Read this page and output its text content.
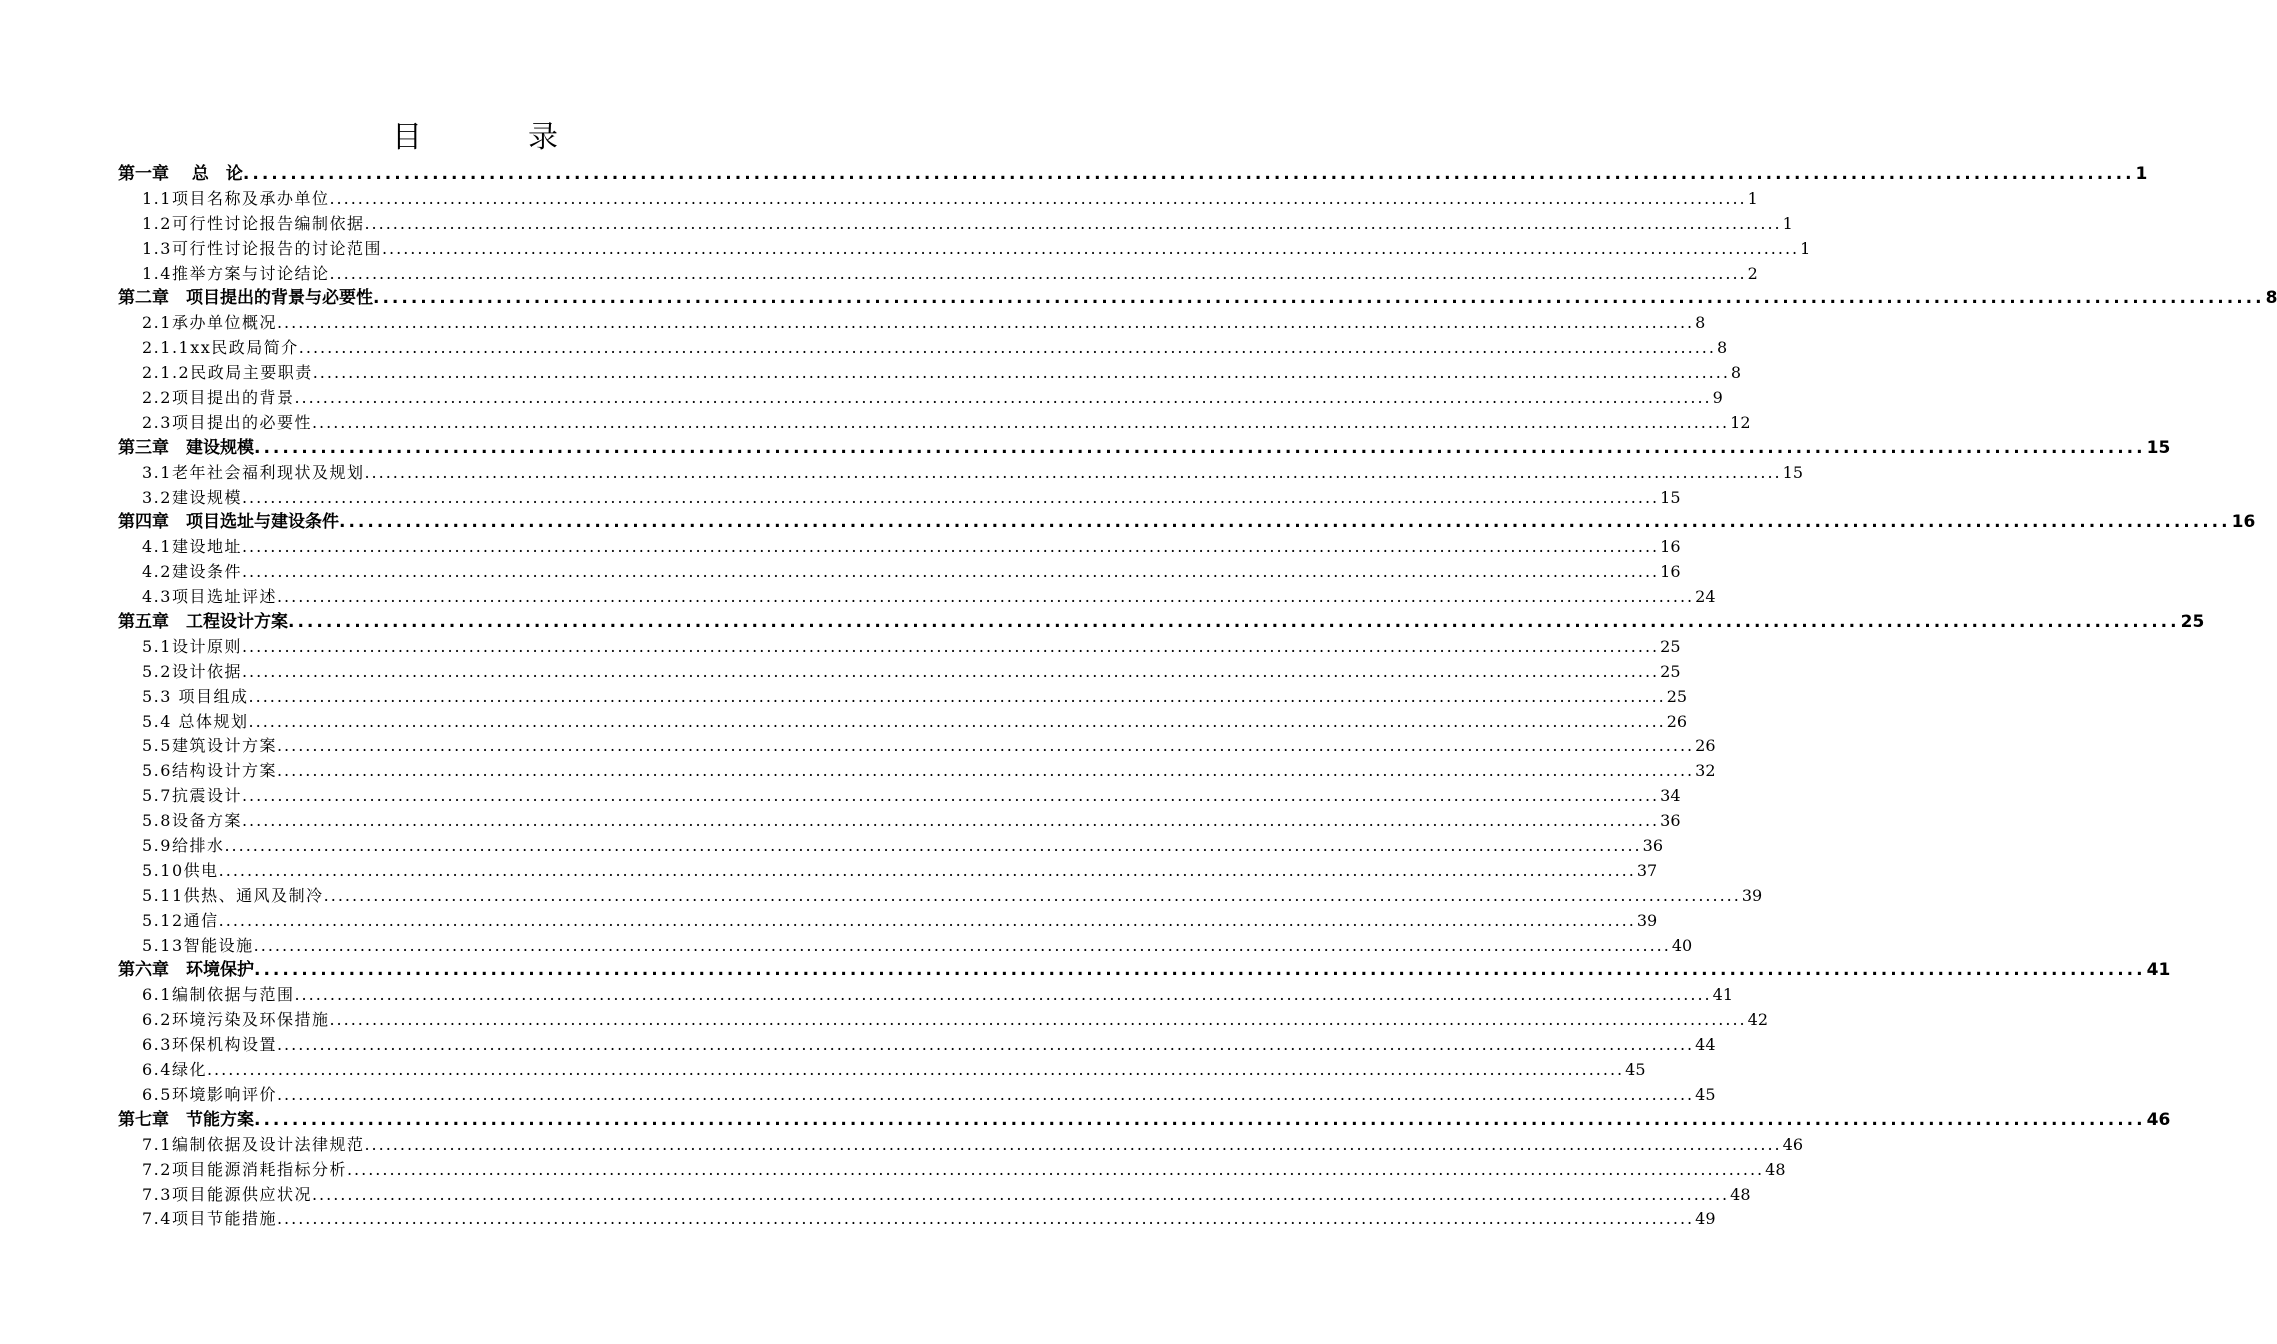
目　录
第一章　 总　论 ........................................................................................................................................................................................................ 1
1.1项目名称及承办单位 ........................................................................................................................................................................................................ 1
1.2可行性讨论报告编制依据 ........................................................................................................................................................................................................ 1
1.3可行性讨论报告的讨论范围 ........................................................................................................................................................................................................ 1
1.4推举方案与讨论结论 ........................................................................................................................................................................................................ 2
第二章　项目提出的背景与必要性 ........................................................................................................................................................................................................ 8
2.1承办单位概况 ........................................................................................................................................................................................................ 8
2.1.1xx民政局简介 ........................................................................................................................................................................................................ 8
2.1.2民政局主要职责 ........................................................................................................................................................................................................ 8
2.2项目提出的背景 ........................................................................................................................................................................................................ 9
2.3项目提出的必要性 ........................................................................................................................................................................................................ 12
第三章　建设规模 ........................................................................................................................................................................................................ 15
3.1老年社会福利现状及规划 ........................................................................................................................................................................................................ 15
3.2建设规模 ........................................................................................................................................................................................................ 15
第四章　项目选址与建设条件 ........................................................................................................................................................................................................ 16
4.1建设地址 ........................................................................................................................................................................................................ 16
4.2建设条件 ........................................................................................................................................................................................................ 16
4.3项目选址评述 ........................................................................................................................................................................................................ 24
第五章　工程设计方案 ........................................................................................................................................................................................................ 25
5.1设计原则 ........................................................................................................................................................................................................ 25
5.2设计依据 ........................................................................................................................................................................................................ 25
5.3 项目组成 ........................................................................................................................................................................................................ 25
5.4 总体规划 ........................................................................................................................................................................................................ 26
5.5建筑设计方案 ........................................................................................................................................................................................................ 26
5.6结构设计方案 ........................................................................................................................................................................................................ 32
5.7抗震设计 ........................................................................................................................................................................................................ 34
5.8设备方案 ........................................................................................................................................................................................................ 36
5.9给排水 ........................................................................................................................................................................................................ 36
5.10供电 ........................................................................................................................................................................................................ 37
5.11供热、通风及制冷 ........................................................................................................................................................................................................ 39
5.12通信 ........................................................................................................................................................................................................ 39
5.13智能设施 ........................................................................................................................................................................................................ 40
第六章　环境保护 ........................................................................................................................................................................................................ 41
6.1编制依据与范围 ........................................................................................................................................................................................................ 41
6.2环境污染及环保措施 ........................................................................................................................................................................................................ 42
6.3环保机构设置 ........................................................................................................................................................................................................ 44
6.4绿化 ........................................................................................................................................................................................................ 45
6.5环境影响评价 ........................................................................................................................................................................................................ 45
第七章　节能方案 ........................................................................................................................................................................................................ 46
7.1编制依据及设计法律规范 ........................................................................................................................................................................................................ 46
7.2项目能源消耗指标分析 ........................................................................................................................................................................................................ 48
7.3项目能源供应状况 ........................................................................................................................................................................................................ 48
7.4项目节能措施 ........................................................................................................................................................................................................ 49
